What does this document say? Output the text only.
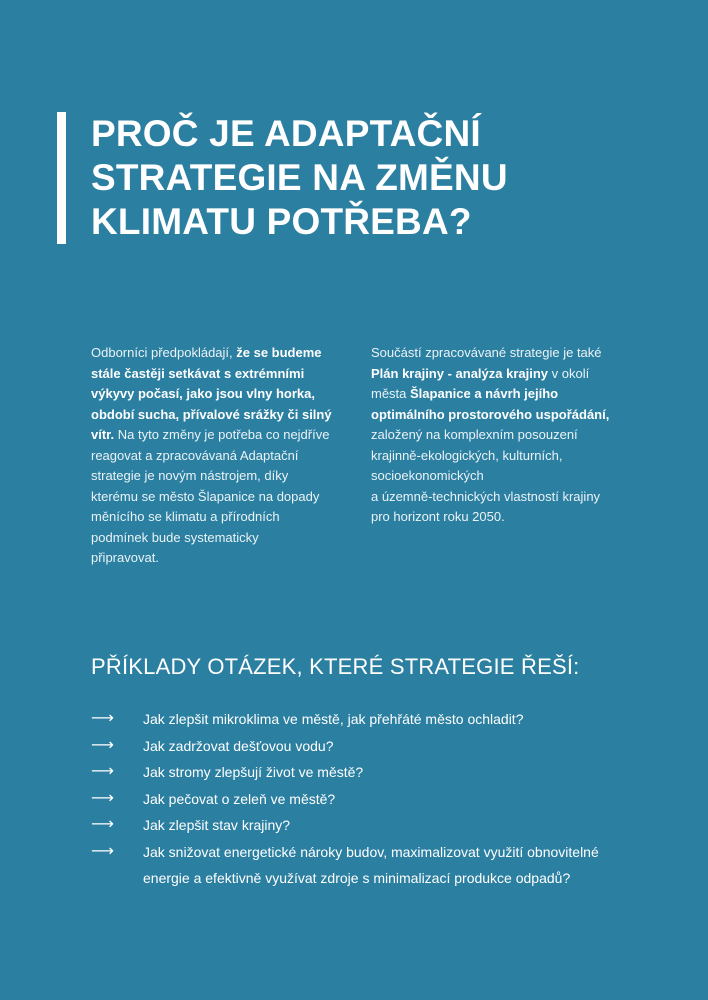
PROČ JE ADAPTAČNÍ
STRATEGIE NA ZMĚNU
KLIMATU POTŘEBA?
Odborníci předpokládají, že se budeme
stále častěji setkávat s extrémními
výkyvy počasí, jako jsou vlny horka,
období sucha, přívalové srážky či silný
vítr. Na tyto změny je potřeba co nejdříve
reagovat a zpracovávaná Adaptační
strategie je novým nástrojem, díky
kterému se město Šlapanice na dopady
měnícího se klimatu a přírodních
podmínek bude systematicky
připravovat.
Součástí zpracovávané strategie je také
Plán krajiny - analýza krajiny v okolí
města Šlapanice a návrh jejího
optimálního prostorového uspořádání,
založený na komplexním posouzení
krajinně-ekologických, kulturních,
socioekonomických
a územně-technických vlastností krajiny
pro horizont roku 2050.
PŘÍKLADY OTÁZEK, KTERÉ STRATEGIE ŘEŠÍ:
⟶ Jak zlepšit mikroklima ve městě, jak přehřáté město ochladit?
⟶ Jak zadržovat dešťovou vodu?
⟶ Jak stromy zlepšují život ve městě?
⟶ Jak pečovat o zeleň ve městě?
⟶ Jak zlepšit stav krajiny?
⟶ Jak snižovat energetické nároky budov, maximalizovat využití obnovitelné
energie a efektivně využívat zdroje s minimalizací produkce odpadů?
